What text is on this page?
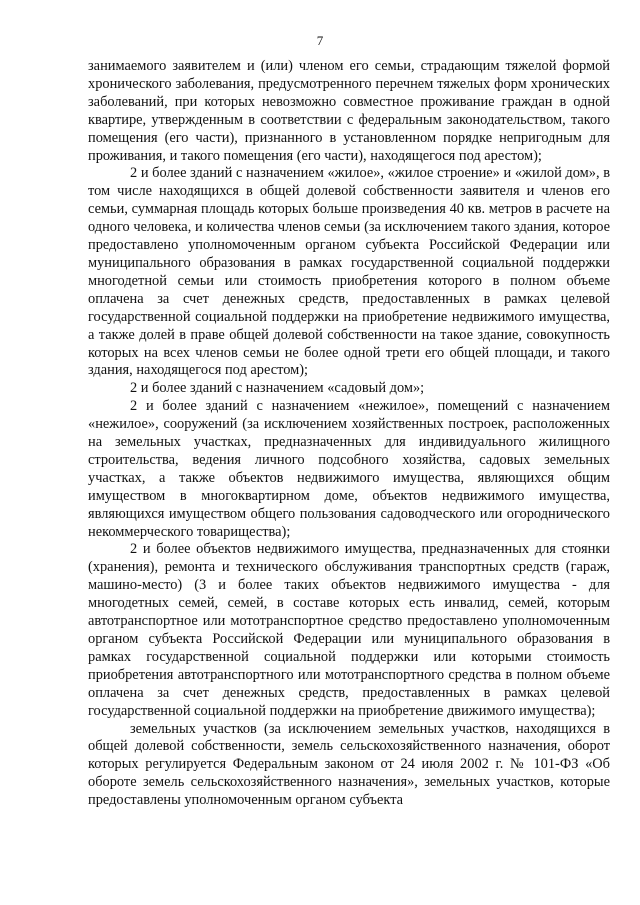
7

занимаемого заявителем и (или) членом его семьи, страдающим тяжелой формой хронического заболевания, предусмотренного перечнем тяжелых форм хронических заболеваний, при которых невозможно совместное проживание граждан в одной квартире, утвержденным в соответствии с федеральным законодательством, такого помещения (его части), признанного в установленном порядке непригодным для проживания, и такого помещения (его части), находящегося под арестом);

2 и более зданий с назначением «жилое», «жилое строение» и «жилой дом», в том числе находящихся в общей долевой собственности заявителя и членов его семьи, суммарная площадь которых больше произведения 40 кв. метров в расчете на одного человека, и количества членов семьи (за исключением такого здания, которое предоставлено уполномоченным органом субъекта Российской Федерации или муниципального образования в рамках государственной социальной поддержки многодетной семьи или стоимость приобретения которого в полном объеме оплачена за счет денежных средств, предоставленных в рамках целевой государственной социальной поддержки на приобретение недвижимого имущества, а также долей в праве общей долевой собственности на такое здание, совокупность которых на всех членов семьи не более одной трети его общей площади, и такого здания, находящегося под арестом);

2 и более зданий с назначением «садовый дом»;

2 и более зданий с назначением «нежилое», помещений с назначением «нежилое», сооружений (за исключением хозяйственных построек, расположенных на земельных участках, предназначенных для индивидуального жилищного строительства, ведения личного подсобного хозяйства, садовых земельных участках, а также объектов недвижимого имущества, являющихся общим имуществом в многоквартирном доме, объектов недвижимого имущества, являющихся имуществом общего пользования садоводческого или огороднического некоммерческого товарищества);

2 и более объектов недвижимого имущества, предназначенных для стоянки (хранения), ремонта и технического обслуживания транспортных средств (гараж, машино-место) (3 и более таких объектов недвижимого имущества - для многодетных семей, семей, в составе которых есть инвалид, семей, которым автотранспортное или мототранспортное средство предоставлено уполномоченным органом субъекта Российской Федерации или муниципального образования в рамках государственной социальной поддержки или которыми стоимость приобретения автотранспортного или мототранспортного средства в полном объеме оплачена за счет денежных средств, предоставленных в рамках целевой государственной социальной поддержки на приобретение движимого имущества);

земельных участков (за исключением земельных участков, находящихся в общей долевой собственности, земель сельскохозяйственного назначения, оборот которых регулируется Федеральным законом от 24 июля 2002 г. № 101-ФЗ «Об обороте земель сельскохозяйственного назначения», земельных участков, которые предоставлены уполномоченным органом субъекта
